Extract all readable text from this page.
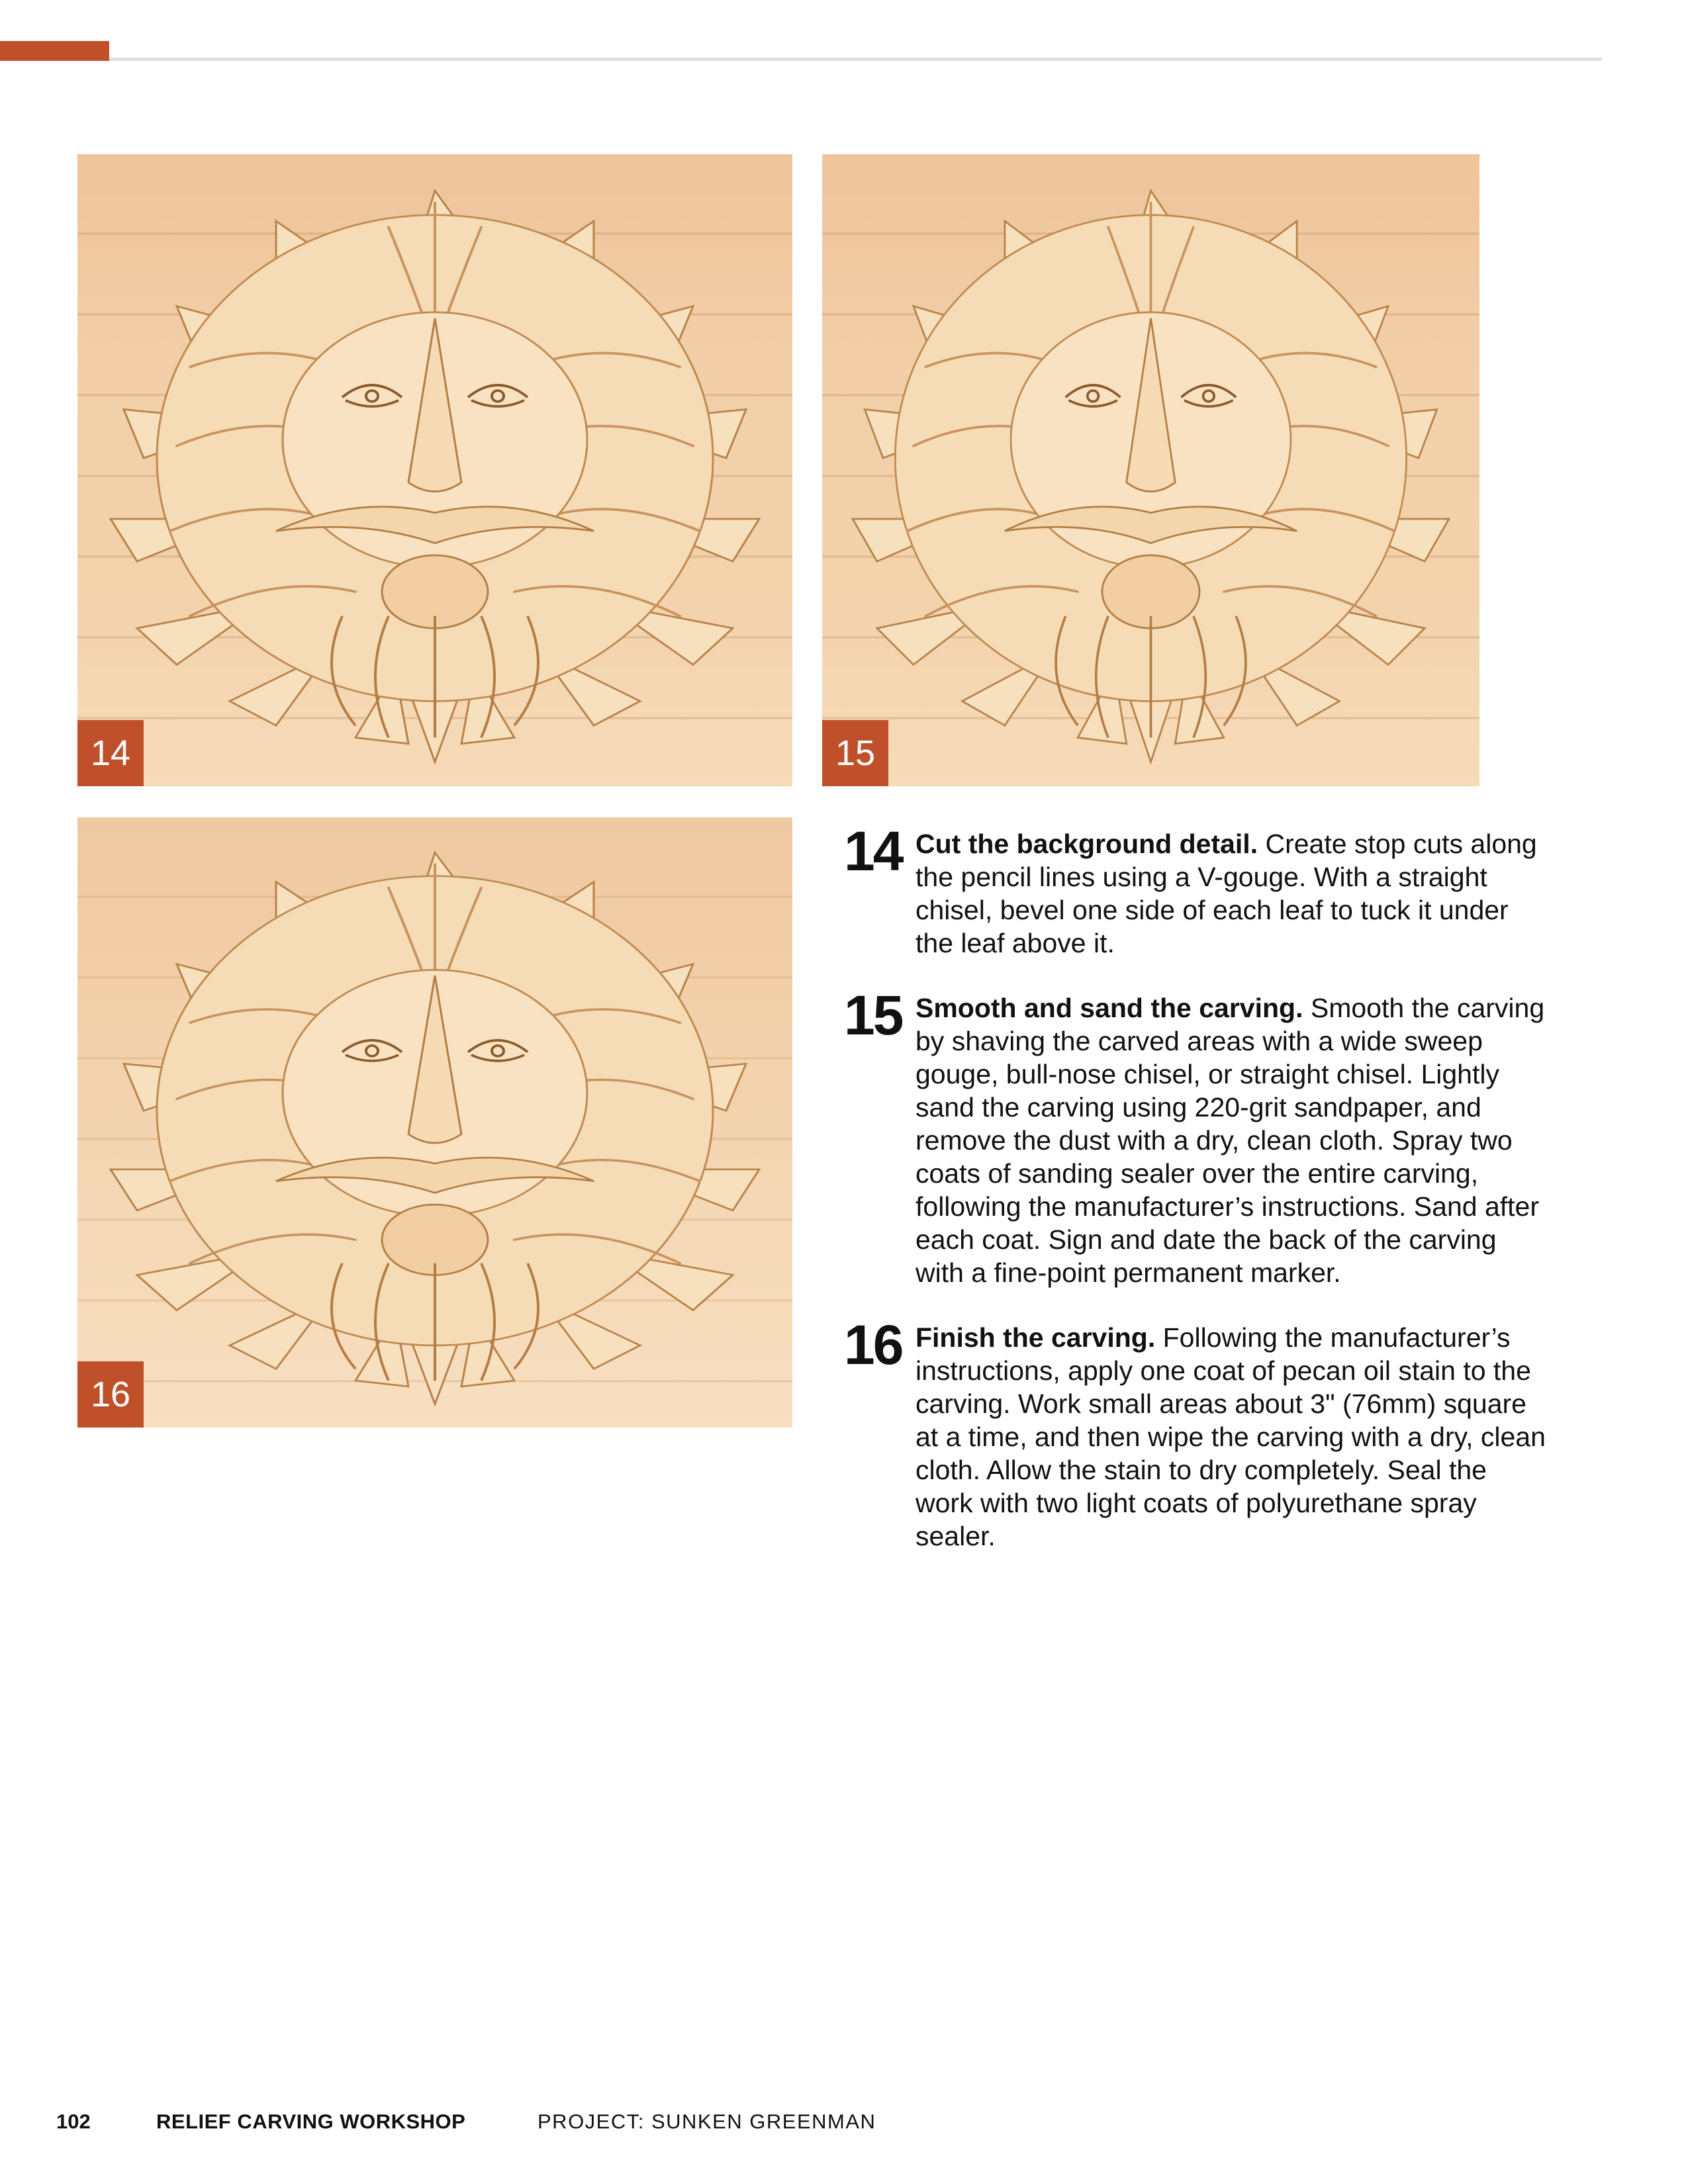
14	15
16
14 Cut the background detail. Create stop cuts along the pencil lines using a V-gouge. With a straight chisel, bevel one side of each leaf to tuck it under the leaf above it.
15 Smooth and sand the carving. Smooth the carving by shaving the carved areas with a wide sweep gouge, bull-nose chisel, or straight chisel. Lightly sand the carving using 220-grit sandpaper, and remove the dust with a dry, clean cloth. Spray two coats of sanding sealer over the entire carving, following the manufacturer’s instructions. Sand after each coat. Sign and date the back of the carving with a fine-point permanent marker.
16 Finish the carving. Following the manufacturer’s instructions, apply one coat of pecan oil stain to the carving. Work small areas about 3" (76mm) square at a time, and then wipe the carving with a dry, clean cloth. Allow the stain to dry completely. Seal the work with two light coats of polyurethane spray sealer.
102	RELIEF CARVING WORKSHOP	PROJECT: SUNKEN GREENMAN
